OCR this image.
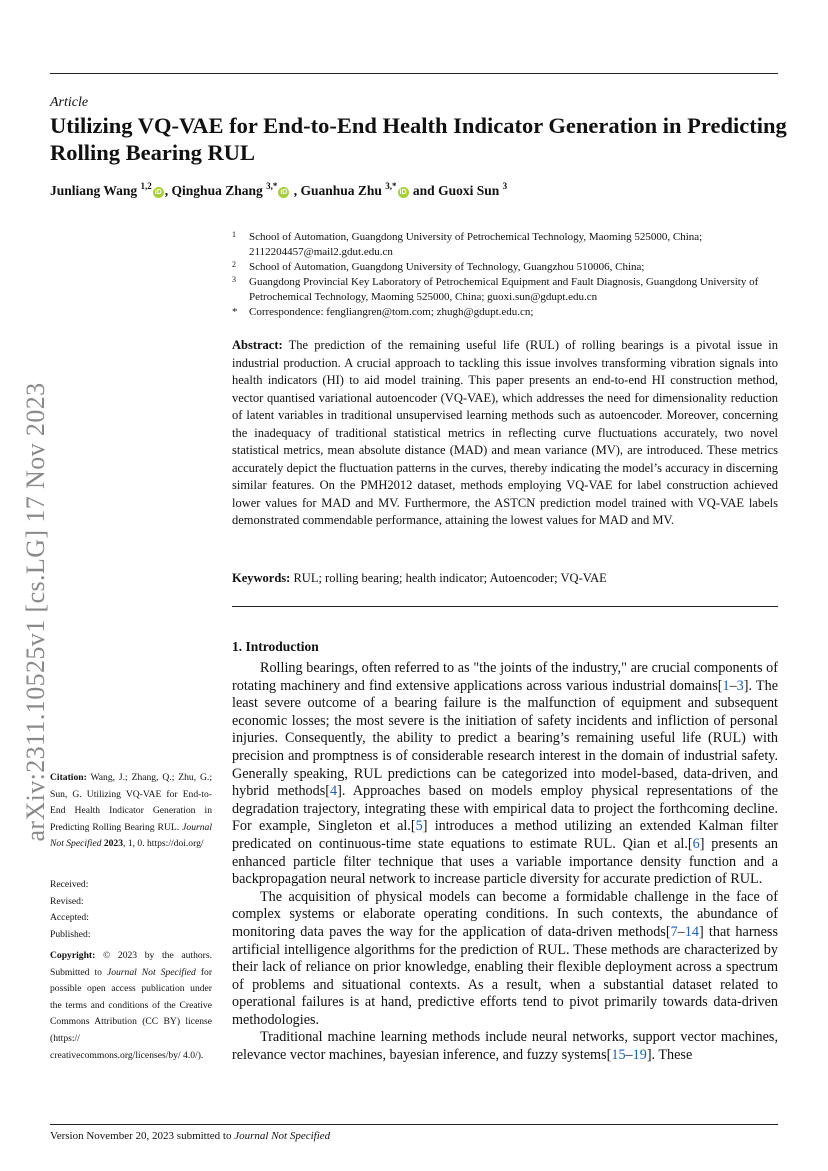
Article
Utilizing VQ-VAE for End-to-End Health Indicator Generation in Predicting Rolling Bearing RUL
Junliang Wang $^{1,2}$iD , Qinghua Zhang $^{3,*}$iD , Guanhua Zhu $^{3,*}$iD and Guoxi Sun $^3$
1 School of Automation, Guangdong University of Petrochemical Technology, Maoming 525000, China; 2112204457@mail2.gdut.edu.cn
2 School of Automation, Guangdong University of Technology, Guangzhou 510006, China;
3 Guangdong Provincial Key Laboratory of Petrochemical Equipment and Fault Diagnosis, Guangdong University of Petrochemical Technology, Maoming 525000, China; guoxi.sun@gdupt.edu.cn
* Correspondence: fengliangren@tom.com; zhugh@gdupt.edu.cn;
Abstract: The prediction of the remaining useful life (RUL) of rolling bearings is a pivotal issue in industrial production. A crucial approach to tackling this issue involves transforming vibration signals into health indicators (HI) to aid model training. This paper presents an end-to-end HI construction method, vector quantised variational autoencoder (VQ-VAE), which addresses the need for dimensionality reduction of latent variables in traditional unsupervised learning methods such as autoencoder. Moreover, concerning the inadequacy of traditional statistical metrics in reflecting curve fluctuations accurately, two novel statistical metrics, mean absolute distance (MAD) and mean variance (MV), are introduced. These metrics accurately depict the fluctuation patterns in the curves, thereby indicating the model’s accuracy in discerning similar features. On the PMH2012 dataset, methods employing VQ-VAE for label construction achieved lower values for MAD and MV. Furthermore, the ASTCN prediction model trained with VQ-VAE labels demonstrated commendable performance, attaining the lowest values for MAD and MV.
Keywords: RUL; rolling bearing; health indicator; Autoencoder; VQ-VAE
1. Introduction

Rolling bearings, often referred to as "the joints of the industry," are crucial components of rotating machinery and find extensive applications across various industrial domains[1–3]. The least severe outcome of a bearing failure is the malfunction of equipment and subsequent economic losses; the most severe is the initiation of safety incidents and infliction of personal injuries. Consequently, the ability to predict a bearing’s remaining useful life (RUL) with precision and promptness is of considerable research interest in the domain of industrial safety. Generally speaking, RUL predictions can be categorized into model-based, data-driven, and hybrid methods[4]. Approaches based on models employ physical representations of the degradation trajectory, integrating these with empirical data to project the forthcoming decline. For example, Singleton et al.[5] introduces a method utilizing an extended Kalman filter predicated on continuous-time state equations to estimate RUL. Qian et al.[6] presents an enhanced particle filter technique that uses a variable importance density function and a backpropagation neural network to increase particle diversity for accurate prediction of RUL.

The acquisition of physical models can become a formidable challenge in the face of complex systems or elaborate operating conditions. In such contexts, the abundance of monitoring data paves the way for the application of data-driven methods[7–14] that harness artificial intelligence algorithms for the prediction of RUL. These methods are characterized by their lack of reliance on prior knowledge, enabling their flexible deployment across a spectrum of problems and situational contexts. As a result, when a substantial dataset related to operational failures is at hand, predictive efforts tend to pivot primarily towards data-driven methodologies.

Traditional machine learning methods include neural networks, support vector machines, relevance vector machines, bayesian inference, and fuzzy systems[15–19]. These

arXiv:2311.10525v1 [cs.LG] 17 Nov 2023 Citation: Wang, J.; Zhang, Q.; Zhu, G.; Sun, G. Utilizing VQ-VAE for End-to-End Health Indicator Generation in Predicting Rolling Bearing RUL. Journal Not Specified 2023, 1, 0. https://doi.org/

Received:

Revised:

Accepted:

Published:

Copyright: © 2023 by the authors. Submitted to Journal Not Specified for possible open access publication under the terms and conditions of the Creative Commons Attribution (CC BY) license (https:// creativecommons.org/licenses/by/ 4.0/).

Version November 20, 2023 submitted to Journal Not Specified
